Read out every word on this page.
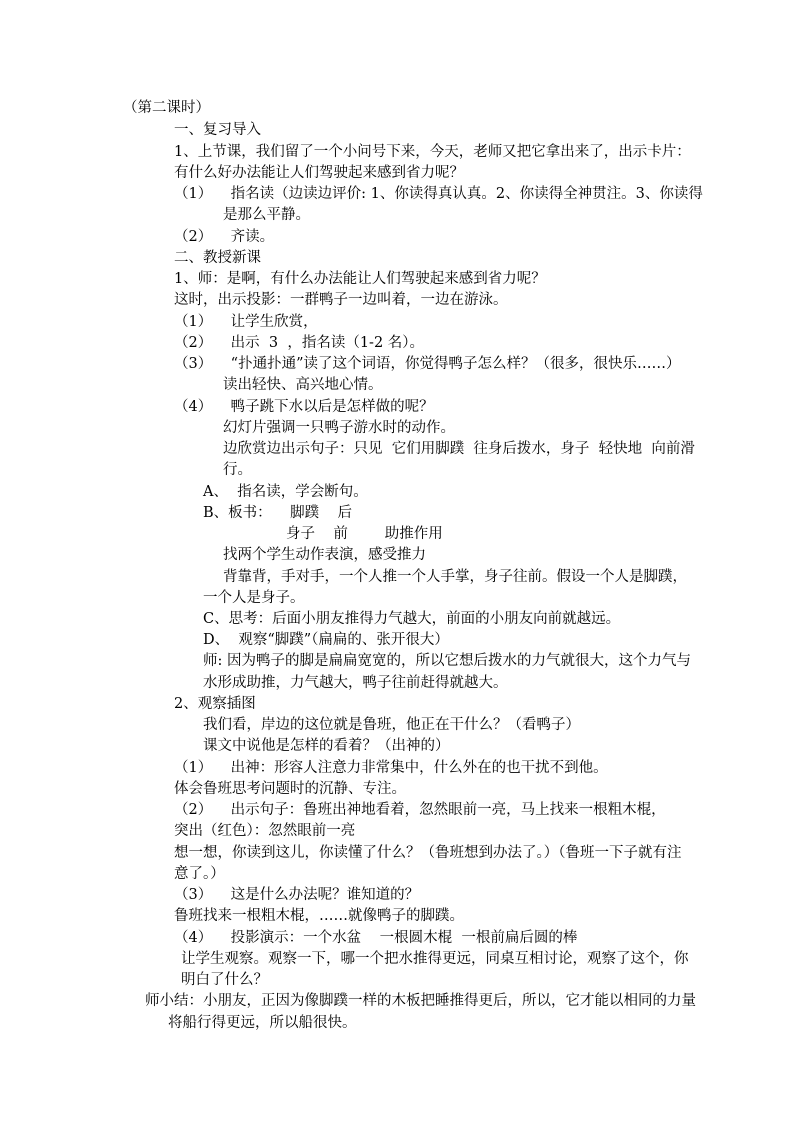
（第二课时）

一、复习导入

1、上节课，我们留了一个小问号下来，今天，老师又把它拿出来了，出示卡片：

有什么好办法能让人们驾驶起来感到省力呢？

（1）    指名读（边读边评价: 1、你读得真认真。2、你读得全神贯注。3、你读得

是那么平静。

（2）    齐读。

二、教授新课

1、师：是啊，有什么办法能让人们驾驶起来感到省力呢？

这时，出示投影：一群鸭子一边叫着，一边在游泳。

（1）    让学生欣赏，

（2）    出示  3  ，指名读（1-2 名）。

（3）    “扑通扑通”读了这个词语，你觉得鸭子怎么样？（很多，很快乐……）

读出轻快、高兴地心情。

（4）    鸭子跳下水以后是怎样做的呢？

幻灯片强调一只鸭子游水时的动作。

边欣赏边出示句子：只见  它们用脚蹼  往身后拨水，身子  轻快地  向前滑

行。

A、  指名读，学会断句。

B、板书：    脚蹼    后

身子    前        助推作用

找两个学生动作表演，感受推力

背靠背，手对手，一个人推一个人手掌，身子往前。假设一个人是脚蹼，

一个人是身子。

C、思考：后面小朋友推得力气越大，前面的小朋友向前就越远。

D、  观察“脚蹼”（扁扁的、张开很大）

师: 因为鸭子的脚是扁扁宽宽的，所以它想后拨水的力气就很大，这个力气与

水形成助推，力气越大，鸭子往前赶得就越大。

2、观察插图

我们看，岸边的这位就是鲁班，他正在干什么？（看鸭子）

课文中说他是怎样的看着？（出神的）

（1）    出神：形容人注意力非常集中，什么外在的也干扰不到他。

体会鲁班思考问题时的沉静、专注。

（2）    出示句子：鲁班出神地看着，忽然眼前一亮，马上找来一根粗木棍，

突出（红色）：忽然眼前一亮

想一想，你读到这儿，你读懂了什么？（鲁班想到办法了。）（鲁班一下子就有注

意了。）

（3）    这是什么办法呢？谁知道的？

鲁班找来一根粗木棍，……就像鸭子的脚蹼。

（4）    投影演示：一个水盆    一根圆木棍  一根前扁后圆的棒

让学生观察。观察一下，哪一个把水推得更远，同桌互相讨论，观察了这个，你

明白了什么？

师小结：小朋友，正因为像脚蹼一样的木板把睡推得更后，所以，它才能以相同的力量

将船行得更远，所以船很快。
